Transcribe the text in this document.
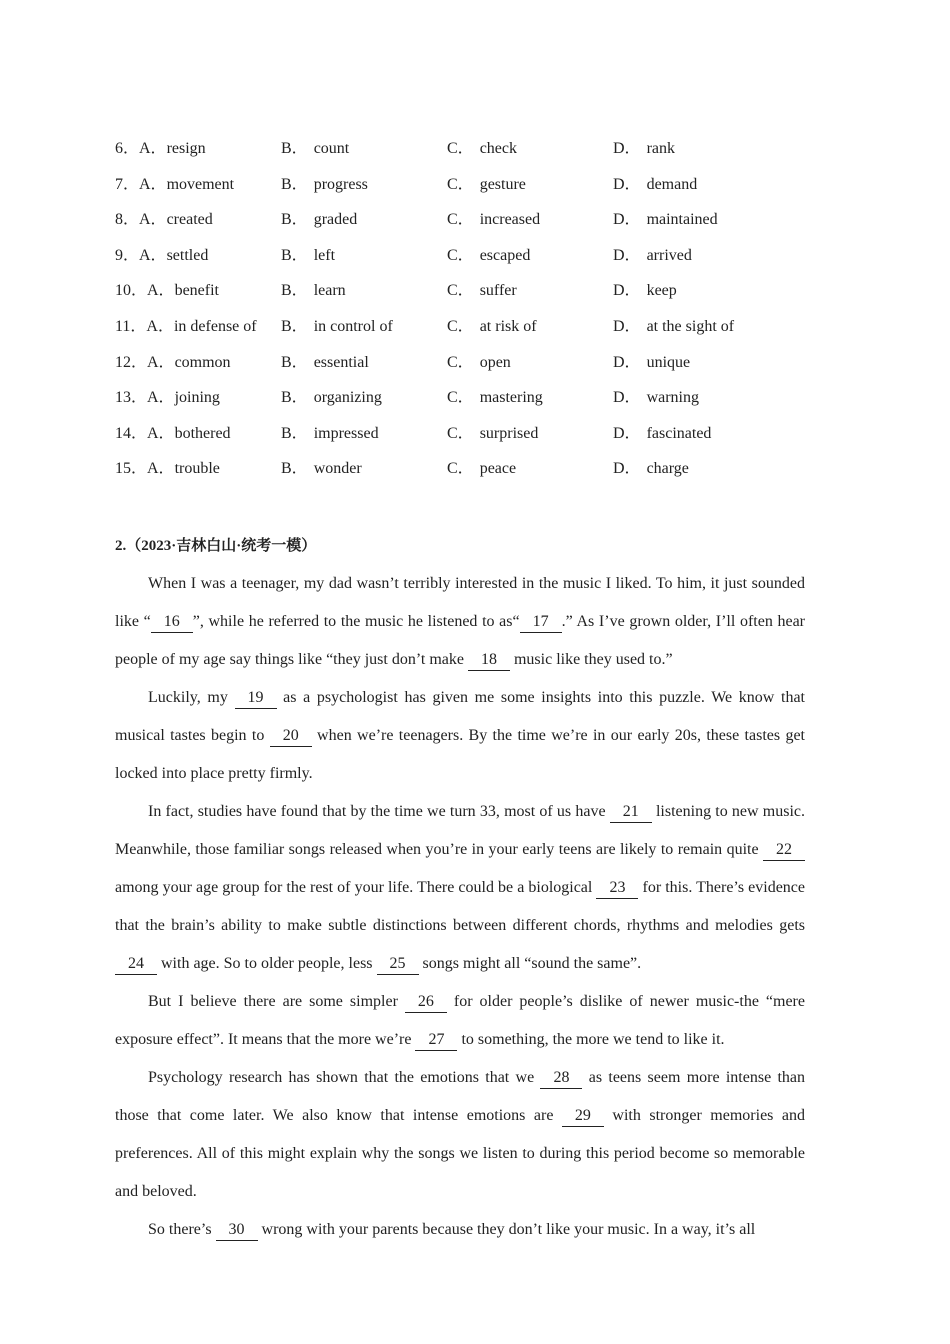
6．A．resign	B． count	C． check	D． rank
7．A．movement	B． progress	C． gesture	D． demand
8．A．created	B． graded	C． increased	D． maintained
9．A．settled	B． left	C． escaped	D． arrived
10．A．benefit	B． learn	C． suffer	D． keep
11．A．in defense of	B． in control of	C． at risk of	D． at the sight of
12．A．common	B． essential	C． open	D． unique
13．A．joining	B． organizing	C． mastering	D． warning
14．A．bothered	B． impressed	C． surprised	D． fascinated
15．A．trouble	B． wonder	C． peace	D． charge
2.（2023·吉林白山·统考一模）

When I was a teenager, my dad wasn’t terribly interested in the music I liked. To him, it just sounded like “ 16 ”, while he referred to the music he listened to as“ 17 .” As I’ve grown older, I’ll often hear people of my age say things like “they just don’t make 18 music like they used to.”

Luckily, my 19 as a psychologist has given me some insights into this puzzle. We know that musical tastes begin to 20 when we’re teenagers. By the time we’re in our early 20s, these tastes get locked into place pretty firmly.

In fact, studies have found that by the time we turn 33, most of us have 21 listening to new music. Meanwhile, those familiar songs released when you’re in your early teens are likely to remain quite 22 among your age group for the rest of your life. There could be a biological 23 for this. There’s evidence that the brain’s ability to make subtle distinctions between different chords, rhythms and melodies gets 24 with age. So to older people, less 25 songs might all “sound the same”.

But I believe there are some simpler 26 for older people’s dislike of newer music-the “mere exposure effect”. It means that the more we’re 27 to something, the more we tend to like it.

Psychology research has shown that the emotions that we 28 as teens seem more intense than those that come later. We also know that intense emotions are 29 with stronger memories and preferences. All of this might explain why the songs we listen to during this period become so memorable and beloved.

So there’s 30 wrong with your parents because they don’t like your music. In a way, it’s all
